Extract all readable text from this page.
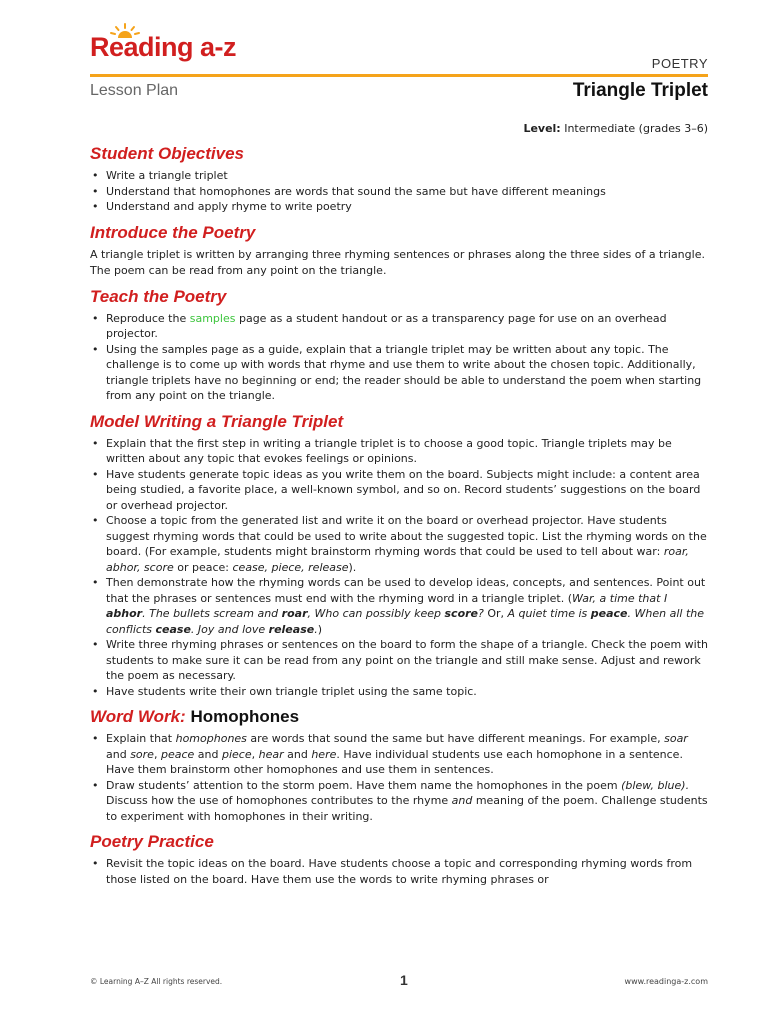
Reading a-z
POETRY
Lesson Plan	Triangle Triplet
Level: Intermediate (grades 3–6)
Student Objectives
• Write a triangle triplet
• Understand that homophones are words that sound the same but have different meanings
• Understand and apply rhyme to write poetry
Introduce the Poetry

A triangle triplet is written by arranging three rhyming sentences or phrases along the three sides of a triangle. The poem can be read from any point on the triangle.

Teach the Poetry
• Reproduce the samples page as a student handout or as a transparency page for use on an overhead projector.
• Using the samples page as a guide, explain that a triangle triplet may be written about any topic. The challenge is to come up with words that rhyme and use them to write about the chosen topic. Additionally, triangle triplets have no beginning or end; the reader should be able to understand the poem when starting from any point on the triangle.
Model Writing a Triangle Triplet
• Explain that the first step in writing a triangle triplet is to choose a good topic. Triangle triplets may be written about any topic that evokes feelings or opinions.
• Have students generate topic ideas as you write them on the board. Subjects might include: a content area being studied, a favorite place, a well-known symbol, and so on. Record students’ suggestions on the board or overhead projector.
• Choose a topic from the generated list and write it on the board or overhead projector. Have students suggest rhyming words that could be used to write about the suggested topic. List the rhyming words on the board. (For example, students might brainstorm rhyming words that could be used to tell about war: roar, abhor, score or peace: cease, piece, release).
• Then demonstrate how the rhyming words can be used to develop ideas, concepts, and sentences. Point out that the phrases or sentences must end with the rhyming word in a triangle triplet. (War, a time that I abhor. The bullets scream and roar, Who can possibly keep score? Or, A quiet time is peace. When all the conflicts cease. Joy and love release.)
• Write three rhyming phrases or sentences on the board to form the shape of a triangle. Check the poem with students to make sure it can be read from any point on the triangle and still make sense. Adjust and rework the poem as necessary.
• Have students write their own triangle triplet using the same topic.
Word Work: Homophones
• Explain that homophones are words that sound the same but have different meanings. For example, soar and sore, peace and piece, hear and here. Have individual students use each homophone in a sentence. Have them brainstorm other homophones and use them in sentences.
• Draw students’ attention to the storm poem. Have them name the homophones in the poem (blew, blue). Discuss how the use of homophones contributes to the rhyme and meaning of the poem. Challenge students to experiment with homophones in their writing.
Poetry Practice
• Revisit the topic ideas on the board. Have students choose a topic and corresponding rhyming words from those listed on the board. Have them use the words to write rhyming phrases or
© Learning A–Z All rights reserved.	1	www.readinga-z.com
